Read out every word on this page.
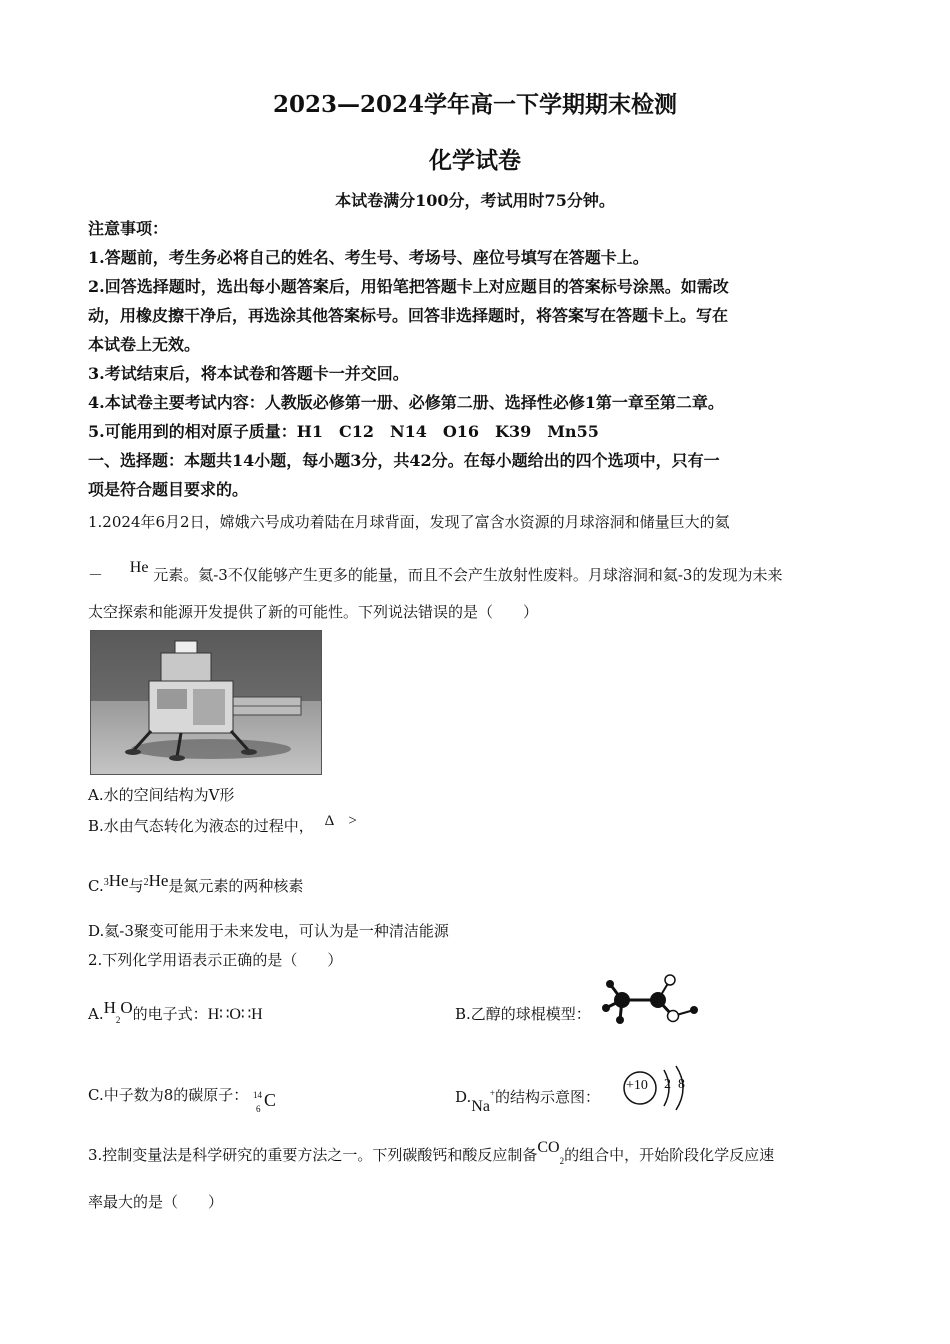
2023—2024学年高一下学期期末检测
化学试卷
本试卷满分100分，考试用时75分钟。
注意事项：
1.答题前，考生务必将自己的姓名、考生号、考场号、座位号填写在答题卡上。
2.回答选择题时，选出每小题答案后，用铅笔把答题卡上对应题目的答案标号涂黑。如需改
动，用橡皮擦干净后，再选涂其他答案标号。回答非选择题时，将答案写在答题卡上。写在
本试卷上无效。
3.考试结束后，将本试卷和答题卡一并交回。
4.本试卷主要考试内容：人教版必修第一册、必修第二册、选择性必修1第一章至第二章。
5.可能用到的相对原子质量：H1　C12　N14　O16　K39　Mn55
一、选择题：本题共14小题，每小题3分，共42分。在每小题给出的四个选项中，只有一
项是符合题目要求的。
1.2024年6月2日，嫦娥六号成功着陆在月球背面，发现了富含水资源的月球溶洞和储量巨大的氦
－ He 元素。氦-3不仅能够产生更多的能量，而且不会产生放射性废料。月球溶洞和氦-3的发现为未来
太空探索和能源开发提供了新的可能性。下列说法错误的是（　　）
A.水的空间结构为V形
B.水由气态转化为液态的过程中， Δ　>
C.$^3$He与$^2$He是氮元素的两种核素
D.氦-3聚变可能用于未来发电，可认为是一种清洁能源
2.下列化学用语表示正确的是（　　）
$A.H_2O$的电子式：H∷O∷H	B.乙醇的球棍模型：
C.中子数为8的碳原子： 14
6 C	D.Na+的结构示意图：
+10 2 8
3.控制变量法是科学研究的重要方法之一。下列碳酸钙和酸反应制备$CO_2$的组合中，开始阶段化学反应速
率最大的是（　　）
